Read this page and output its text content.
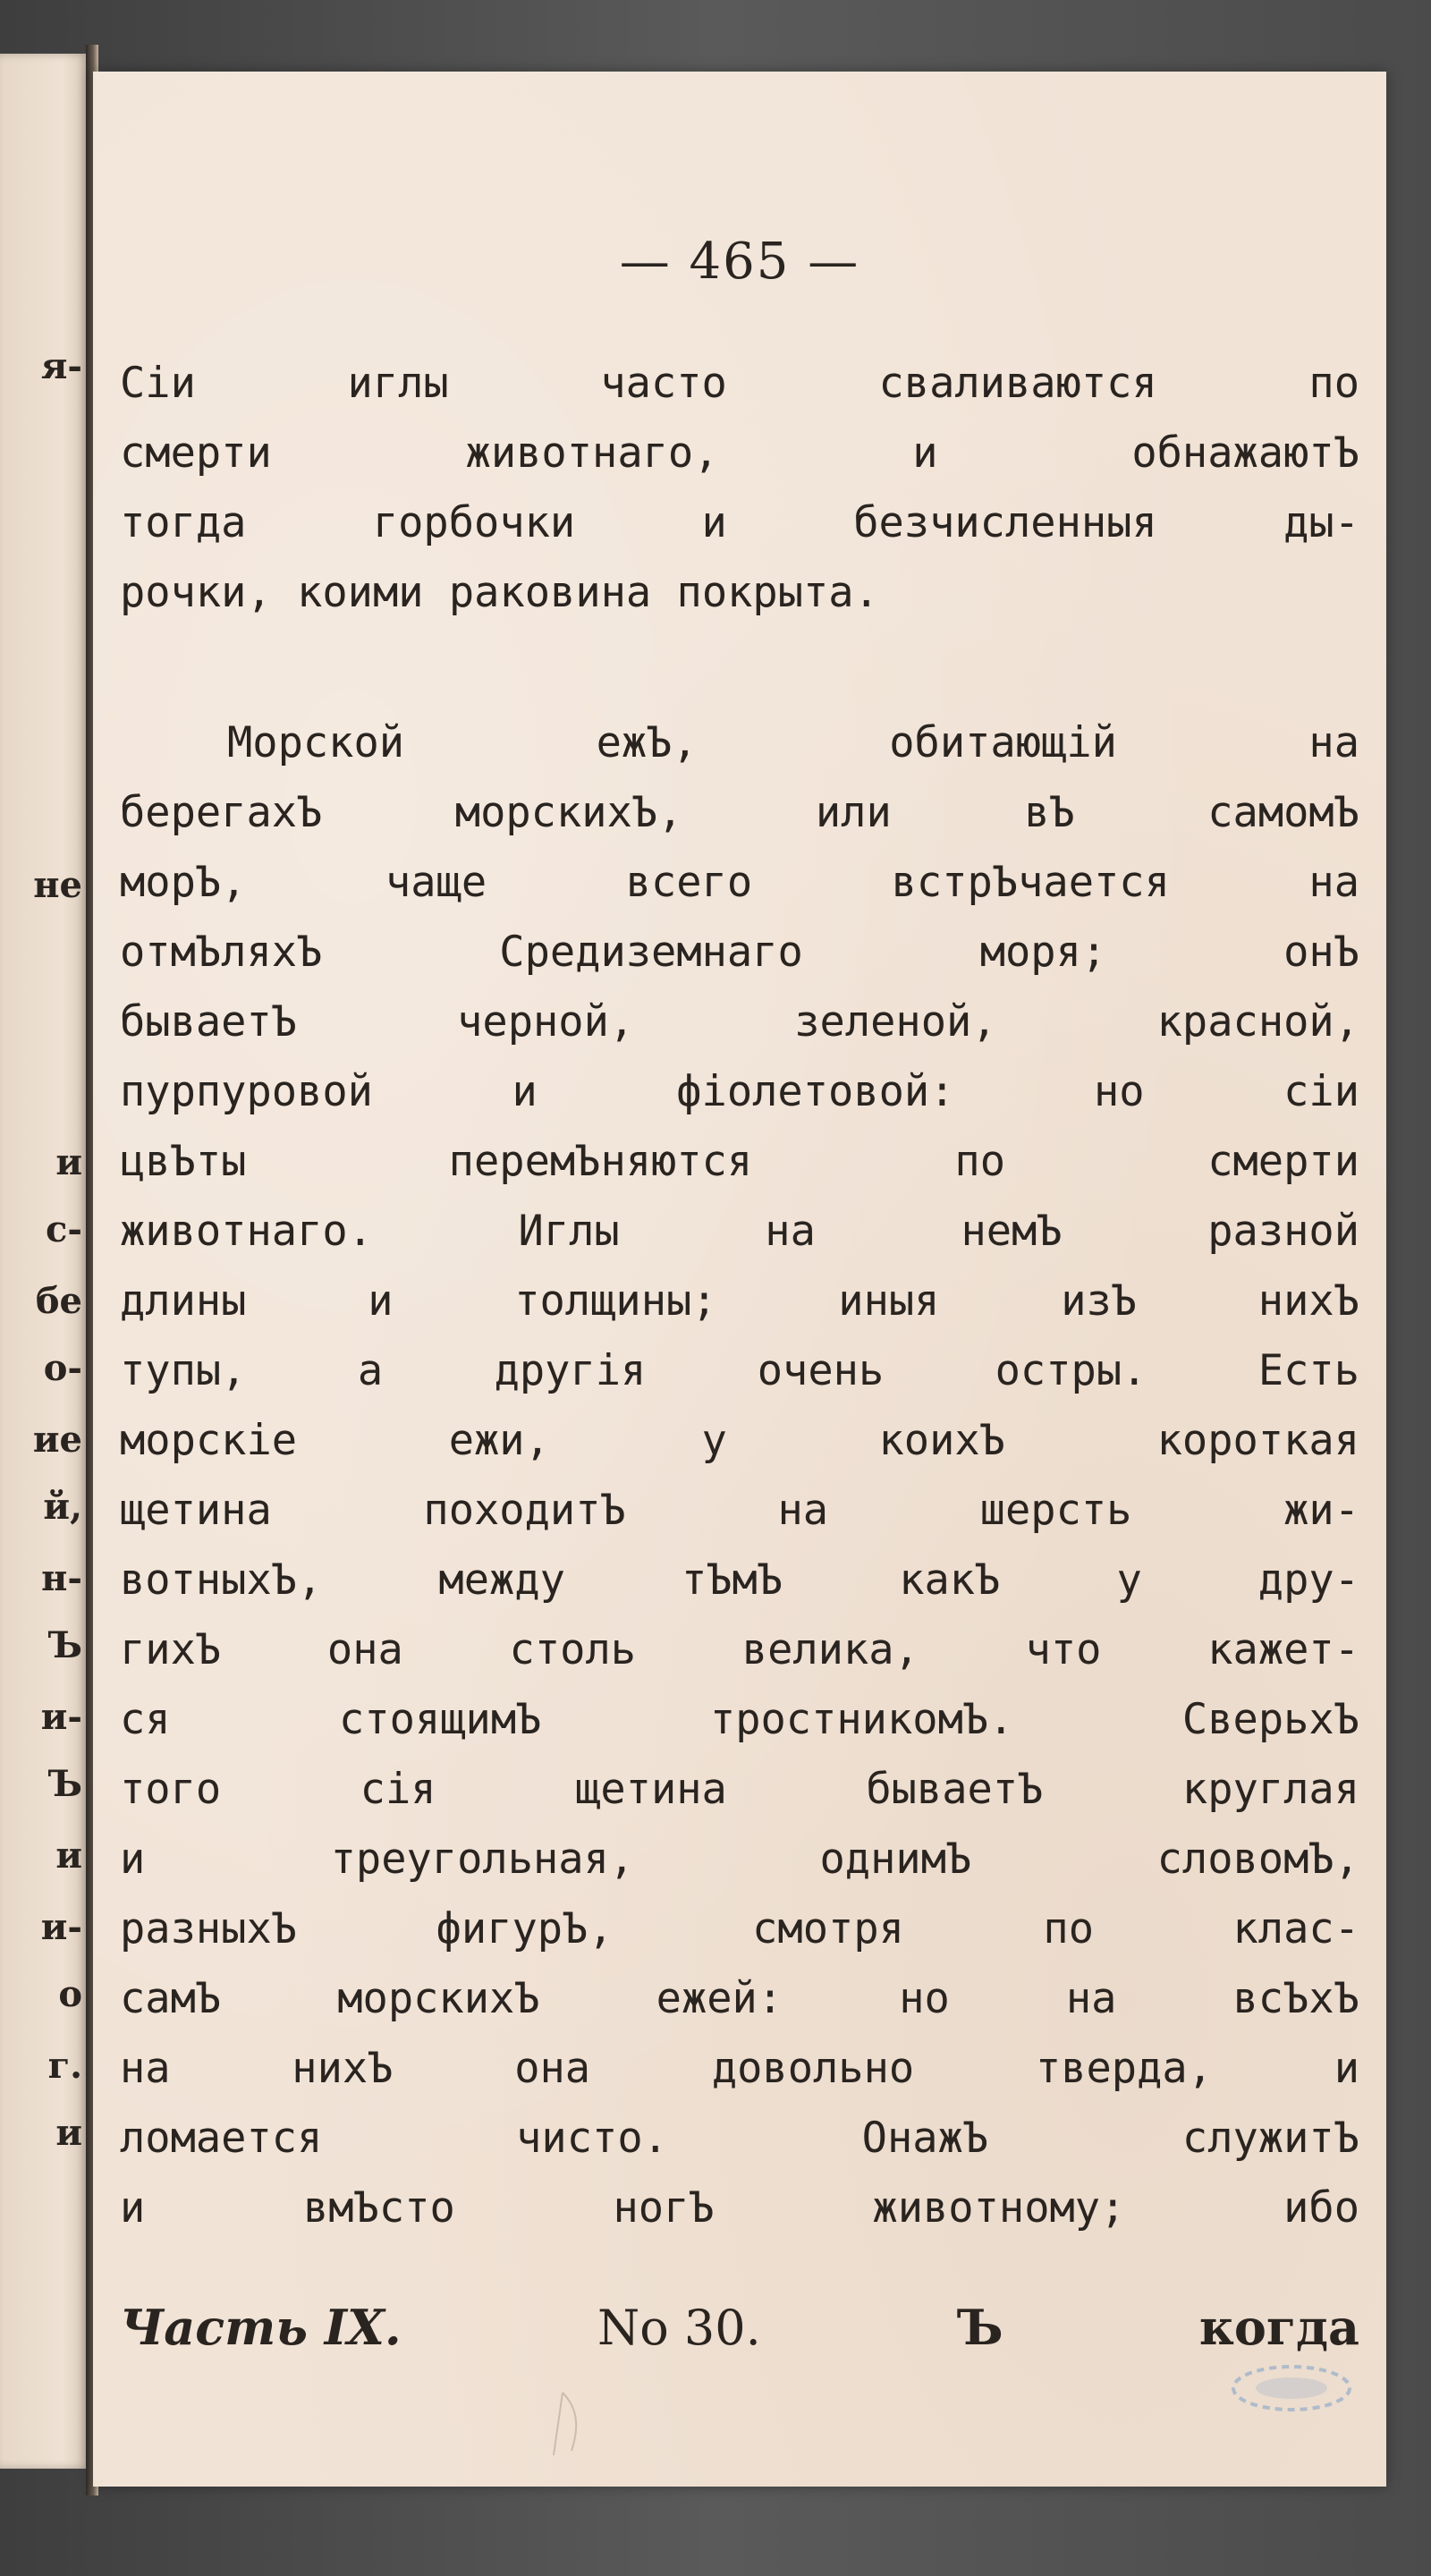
я-
не
и
с-
бе
о-
ие
й,
н-
Ъ
и-
Ъ
и
и-
о
г.
и
— 465 —
Сіи иглы часто сваливаются по
смерти животнаго, и обнажаютЪ
тогда горбочки и безчисленныя ды-
рочки, коими раковина покрыта.
Морской ежЪ, обитающій на
берегахЪ морскихЪ, или вЪ самомЪ
морЪ, чаще всего встрЪчается на
отмЪляхЪ Средиземнаго моря; онЪ
бываетЪ черной, зеленой, красной,
пурпуровой и фіолетовой: но сіи
цвЪты перемЪняются по смерти
животнаго. Иглы на немЪ разной
длины и толщины; иныя изЪ нихЪ
тупы, а другія очень остры. Есть
морскіе ежи, у коихЪ короткая
щетина походитЪ на шерсть жи-
вотныхЪ, между тЪмЪ какЪ у дру-
гихЪ она столь велика, что кажет-
ся стоящимЪ тростникомЪ. СверьхЪ
того сія щетина бываетЪ круглая
и треугольная, однимЪ словомЪ,
разныхЪ фигурЪ, смотря по клас-
самЪ морскихЪ ежей: но на всЪхЪ
на нихЪ она довольно тверда, и
ломается чисто. ОнажЪ служитЪ
и вмЪсто ногЪ животному; ибо
Часть IX.	No 30.	Ъ	когда
